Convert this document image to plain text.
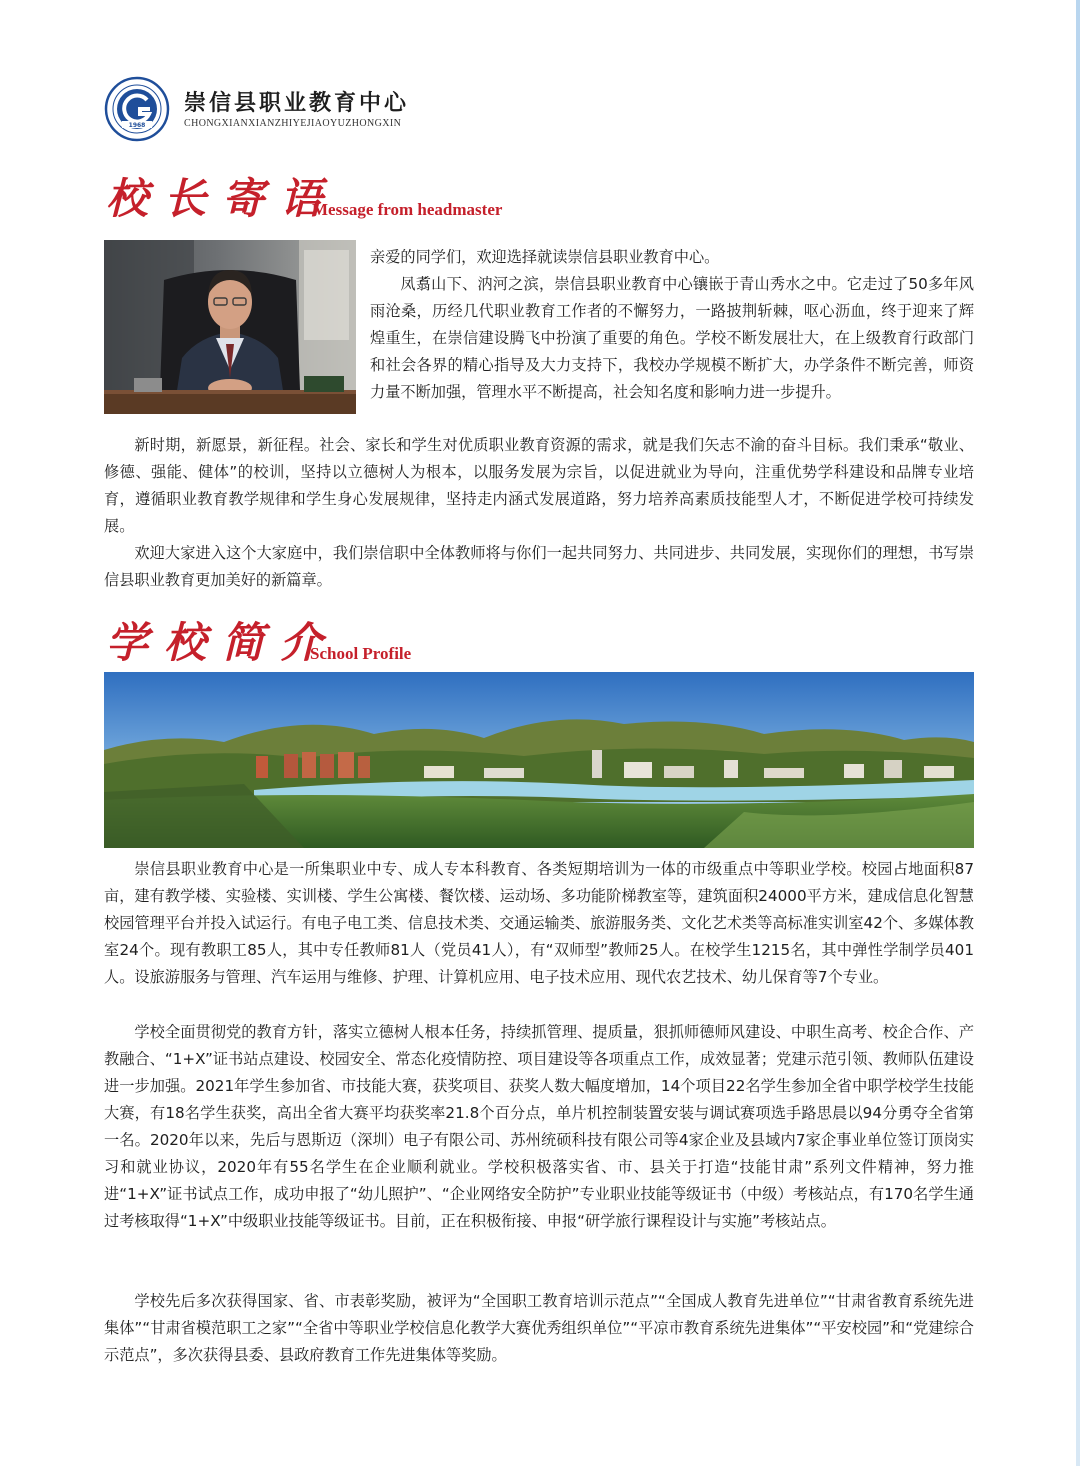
1968
崇信县职业教育中心
CHONGXIANXIANZHIYEJIAOYUZHONGXIN
校长寄语
Message from headmaster

亲爱的同学们，欢迎选择就读崇信县职业教育中心。

凤翥山下、汭河之滨，崇信县职业教育中心镶嵌于青山秀水之中。它走过了50多年风雨沧桑，历经几代职业教育工作者的不懈努力，一路披荆斩棘，呕心沥血，终于迎来了辉煌重生，在崇信建设腾飞中扮演了重要的角色。学校不断发展壮大，在上级教育行政部门和社会各界的精心指导及大力支持下，我校办学规模不断扩大，办学条件不断完善，师资力量不断加强，管理水平不断提高，社会知名度和影响力进一步提升。

新时期，新愿景，新征程。社会、家长和学生对优质职业教育资源的需求，就是我们矢志不渝的奋斗目标。我们秉承“敬业、修德、强能、健体”的校训，坚持以立德树人为根本，以服务发展为宗旨，以促进就业为导向，注重优势学科建设和品牌专业培育，遵循职业教育教学规律和学生身心发展规律，坚持走内涵式发展道路，努力培养高素质技能型人才，不断促进学校可持续发展。

欢迎大家进入这个大家庭中，我们崇信职中全体教师将与你们一起共同努力、共同进步、共同发展，实现你们的理想，书写崇信县职业教育更加美好的新篇章。

学校简介
School Profile

崇信县职业教育中心是一所集职业中专、成人专本科教育、各类短期培训为一体的市级重点中等职业学校。校园占地面积87亩，建有教学楼、实验楼、实训楼、学生公寓楼、餐饮楼、运动场、多功能阶梯教室等，建筑面积24000平方米，建成信息化智慧校园管理平台并投入试运行。有电子电工类、信息技术类、交通运输类、旅游服务类、文化艺术类等高标准实训室42个、多媒体教室24个。现有教职工85人，其中专任教师81人（党员41人），有“双师型”教师25人。在校学生1215名，其中弹性学制学员401人。设旅游服务与管理、汽车运用与维修、护理、计算机应用、电子技术应用、现代农艺技术、幼儿保育等7个专业。

学校全面贯彻党的教育方针，落实立德树人根本任务，持续抓管理、提质量，狠抓师德师风建设、中职生高考、校企合作、产教融合、“1+X”证书站点建设、校园安全、常态化疫情防控、项目建设等各项重点工作，成效显著；党建示范引领、教师队伍建设进一步加强。2021年学生参加省、市技能大赛，获奖项目、获奖人数大幅度增加，14个项目22名学生参加全省中职学校学生技能大赛，有18名学生获奖，高出全省大赛平均获奖率21.8个百分点，单片机控制装置安装与调试赛项选手路思晨以94分勇夺全省第一名。2020年以来，先后与恩斯迈（深圳）电子有限公司、苏州统硕科技有限公司等4家企业及县域内7家企事业单位签订顶岗实习和就业协议，2020年有55名学生在企业顺利就业。学校积极落实省、市、县关于打造“技能甘肃”系列文件精神，努力推进“1+X”证书试点工作，成功申报了“幼儿照护”、“企业网络安全防护”专业职业技能等级证书（中级）考核站点，有170名学生通过考核取得“1+X”中级职业技能等级证书。目前，正在积极衔接、申报“研学旅行课程设计与实施”考核站点。

学校先后多次获得国家、省、市表彰奖励，被评为“全国职工教育培训示范点”“全国成人教育先进单位”“甘肃省教育系统先进集体”“甘肃省模范职工之家”“全省中等职业学校信息化教学大赛优秀组织单位”“平凉市教育系统先进集体”“平安校园”和“党建综合示范点”，多次获得县委、县政府教育工作先进集体等奖励。
